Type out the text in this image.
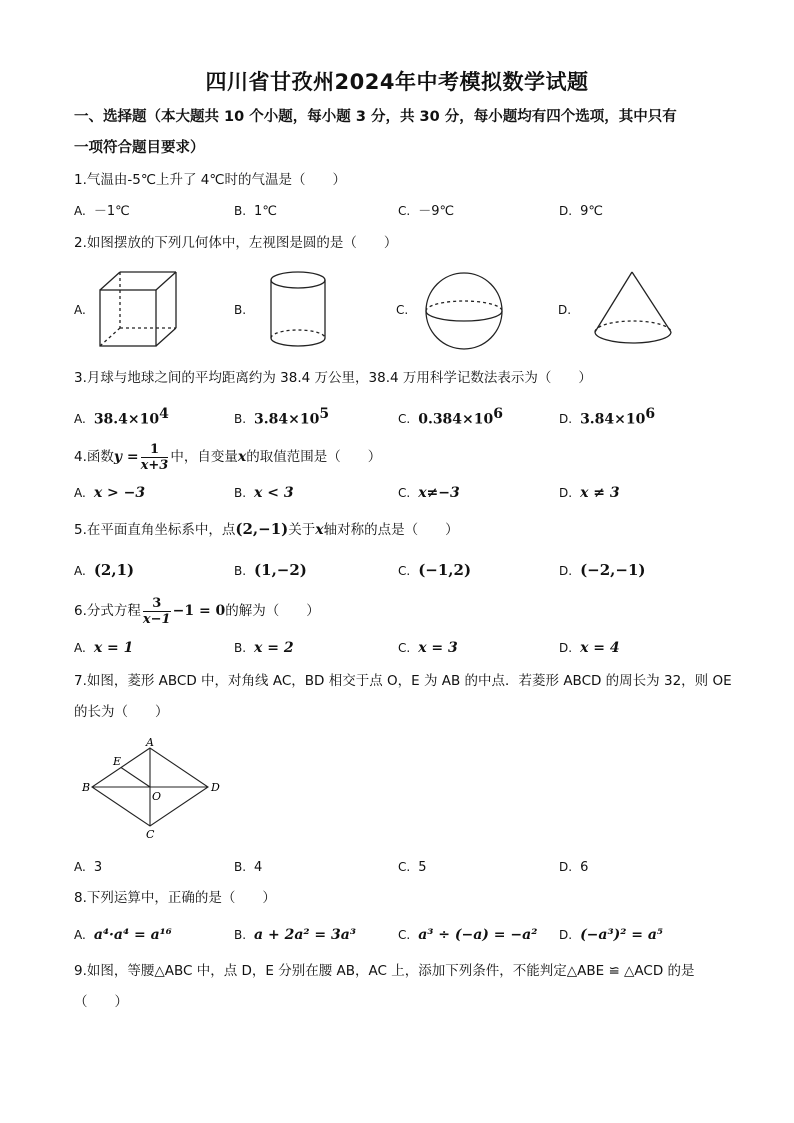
四川省甘孜州2024年中考模拟数学试题
一、选择题（本大题共 10 个小题，每小题 3 分，共 30 分，每小题均有四个选项，其中只有
一项符合题目要求）
1.气温由-5℃上升了 4℃时的气温是（　　）
A. －1℃	B. 1℃	C. －9℃	D. 9℃
2.如图摆放的下列几何体中，左视图是圆的是（　　）
A.	B.	C.	D.
3.月球与地球之间的平均距离约为 38.4 万公里，38.4 万用科学记数法表示为（　　）
A. $38.4\times 10^4$	B. $3.84\times 10^5$	C. $0.384\times 10^6$	D. $3.84\times 10^6$
4.函数$y = \frac{1}{x+3}$ 中，自变量x的取值范围是（　　）
A. x > −3	B. x < 3	C. x≠−3	D. x ≠ 3
5.在平面直角坐标系中，点(2,−1)关于x轴对称的点是（　　）
A. (2,1)	B. (1,−2)	C. (−1,2)	D. (−2,−1)
6.分式方程 $\frac{3}{x-1} -1 = 0$的解为（　　）
A. x = 1	B. x = 2	C. x = 3	D. x = 4
7.如图，菱形 ABCD 中，对角线 AC，BD 相交于点 O，E 为 AB 的中点．若菱形 ABCD 的周长为 32，则 OE
的长为（　　）
A
B
C
D
E
O
A. 3	B. 4	C. 5	D. 6
8.下列运算中，正确的是（　　）
A. a⁴·a⁴ = a¹⁶	B. a + 2a² = 3a³	C. a³ ÷ (−a) = −a² D. (−a³)² = a⁵
9.如图，等腰△ABC 中，点 D，E 分别在腰 AB，AC 上，添加下列条件，不能判定△ABE ≌ △ACD 的是
（　　）
